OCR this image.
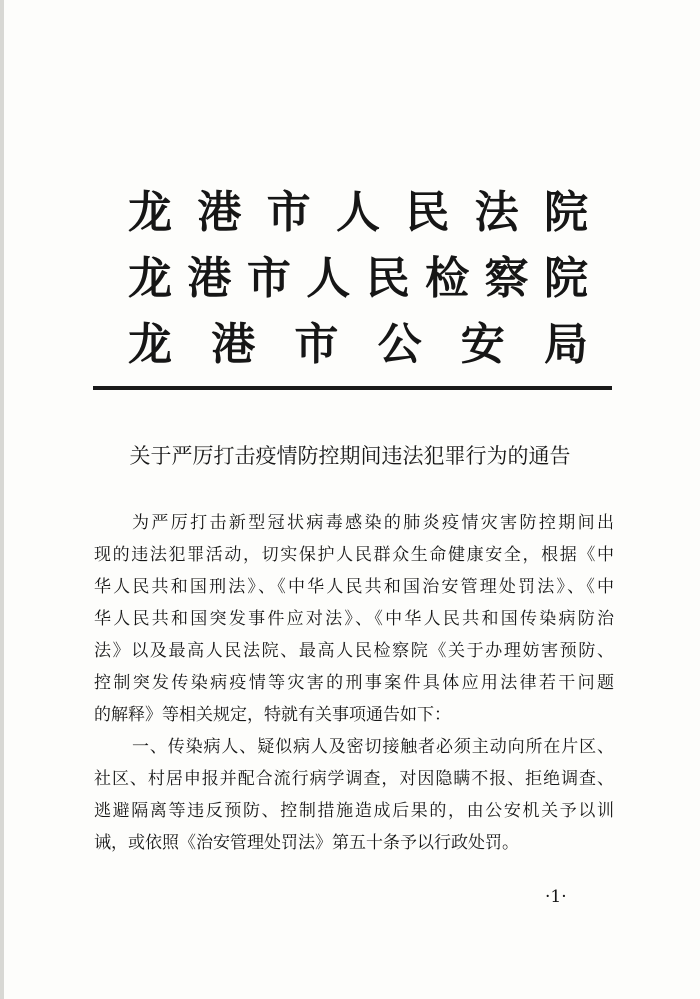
龙 港 市 人 民 法 院
龙 港 市 人 民 检 察 院
龙 港 市 公 安 局
关于严厉打击疫情防控期间违法犯罪行为的通告
为严厉打击新型冠状病毒感染的肺炎疫情灾害防控期间出
现的违法犯罪活动，切实保护人民群众生命健康安全，根据《中
华人民共和国刑法》、《中华人民共和国治安管理处罚法》、《中
华人民共和国突发事件应对法》、《中华人民共和国传染病防治
法》以及最高人民法院、最高人民检察院《关于办理妨害预防、
控制突发传染病疫情等灾害的刑事案件具体应用法律若干问题
的解释》等相关规定，特就有关事项通告如下：
一、传染病人、疑似病人及密切接触者必须主动向所在片区、
社区、村居申报并配合流行病学调查，对因隐瞒不报、拒绝调查、
逃避隔离等违反预防、控制措施造成后果的，由公安机关予以训
诫，或依照《治安管理处罚法》第五十条予以行政处罚。
·1·
